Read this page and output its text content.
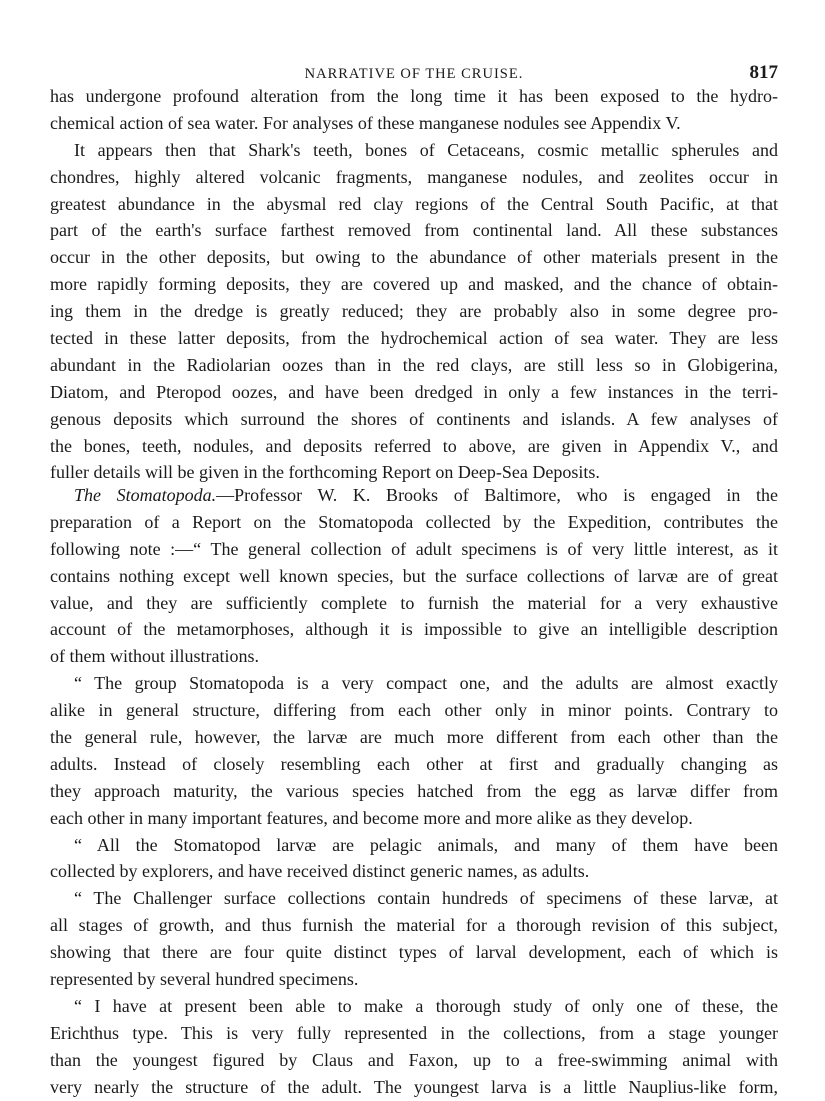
NARRATIVE OF THE CRUISE.	817
has undergone profound alteration from the long time it has been exposed to the hydro-
chemical action of sea water. For analyses of these manganese nodules see Appendix V.
It appears then that Shark's teeth, bones of Cetaceans, cosmic metallic spherules and
chondres, highly altered volcanic fragments, manganese nodules, and zeolites occur in
greatest abundance in the abysmal red clay regions of the Central South Pacific, at that
part of the earth's surface farthest removed from continental land. All these substances
occur in the other deposits, but owing to the abundance of other materials present in the
more rapidly forming deposits, they are covered up and masked, and the chance of obtain-
ing them in the dredge is greatly reduced; they are probably also in some degree pro-
tected in these latter deposits, from the hydrochemical action of sea water. They are less
abundant in the Radiolarian oozes than in the red clays, are still less so in Globigerina,
Diatom, and Pteropod oozes, and have been dredged in only a few instances in the terri-
genous deposits which surround the shores of continents and islands. A few analyses of
the bones, teeth, nodules, and deposits referred to above, are given in Appendix V., and
fuller details will be given in the forthcoming Report on Deep-Sea Deposits.
The Stomatopoda.—Professor W. K. Brooks of Baltimore, who is engaged in the
preparation of a Report on the Stomatopoda collected by the Expedition, contributes the
following note :—“ The general collection of adult specimens is of very little interest, as it
contains nothing except well known species, but the surface collections of larvæ are of great
value, and they are sufficiently complete to furnish the material for a very exhaustive
account of the metamorphoses, although it is impossible to give an intelligible description
of them without illustrations.
“ The group Stomatopoda is a very compact one, and the adults are almost exactly
alike in general structure, differing from each other only in minor points. Contrary to
the general rule, however, the larvæ are much more different from each other than the
adults. Instead of closely resembling each other at first and gradually changing as
they approach maturity, the various species hatched from the egg as larvæ differ from
each other in many important features, and become more and more alike as they develop.
“ All the Stomatopod larvæ are pelagic animals, and many of them have been
collected by explorers, and have received distinct generic names, as adults.
“ The Challenger surface collections contain hundreds of specimens of these larvæ, at
all stages of growth, and thus furnish the material for a thorough revision of this subject,
showing that there are four quite distinct types of larval development, each of which is
represented by several hundred specimens.
“ I have at present been able to make a thorough study of only one of these, the
Erichthus type. This is very fully represented in the collections, from a stage younger
than the youngest figured by Claus and Faxon, up to a free-swimming animal with
very nearly the structure of the adult. The youngest larva is a little Nauplius-like form,
